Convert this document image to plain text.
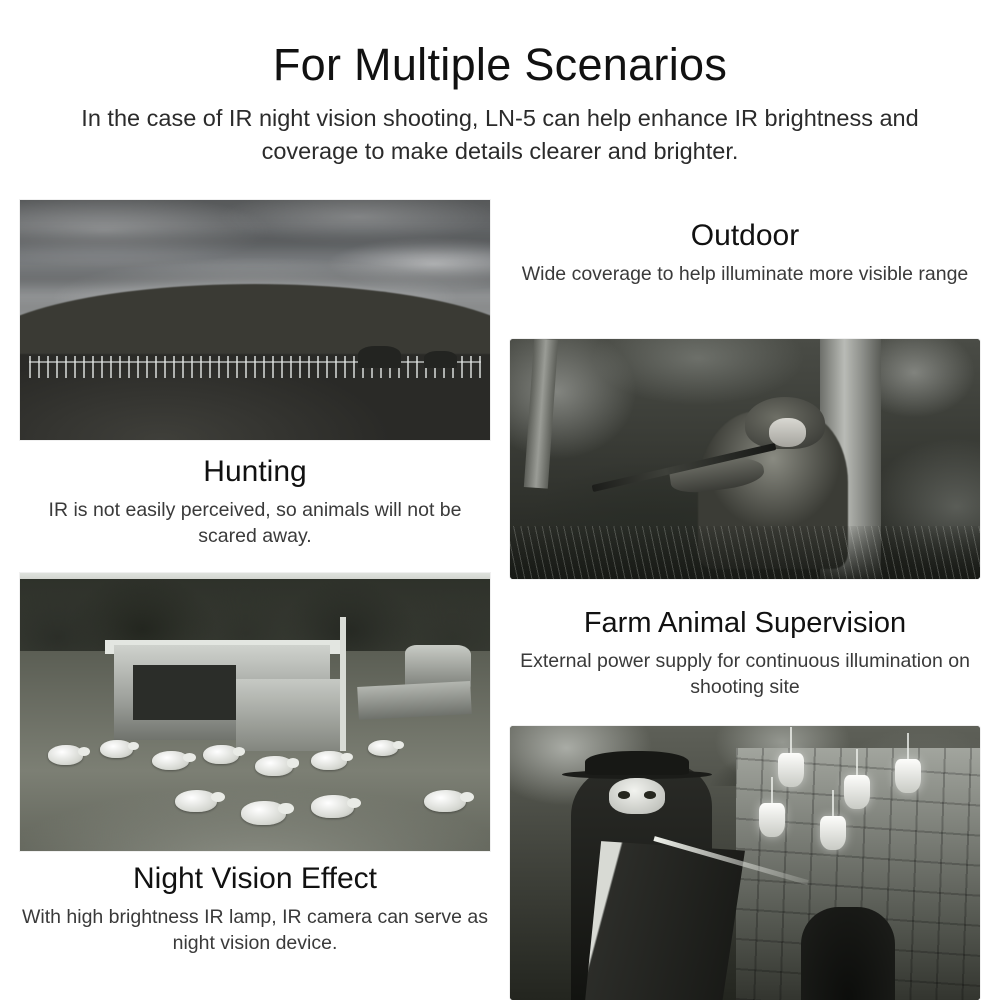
For Multiple Scenarios

In the case of IR night vision shooting, LN-5 can help enhance IR brightness and coverage to make details clearer and brighter.

Hunting

IR is not easily perceived, so animals will not be scared away.

Outdoor

Wide coverage to help illuminate more visible range

Night Vision Effect

With high brightness IR lamp, IR camera can serve as night vision device.

Farm Animal Supervision

External power supply for continuous illumination on shooting site
